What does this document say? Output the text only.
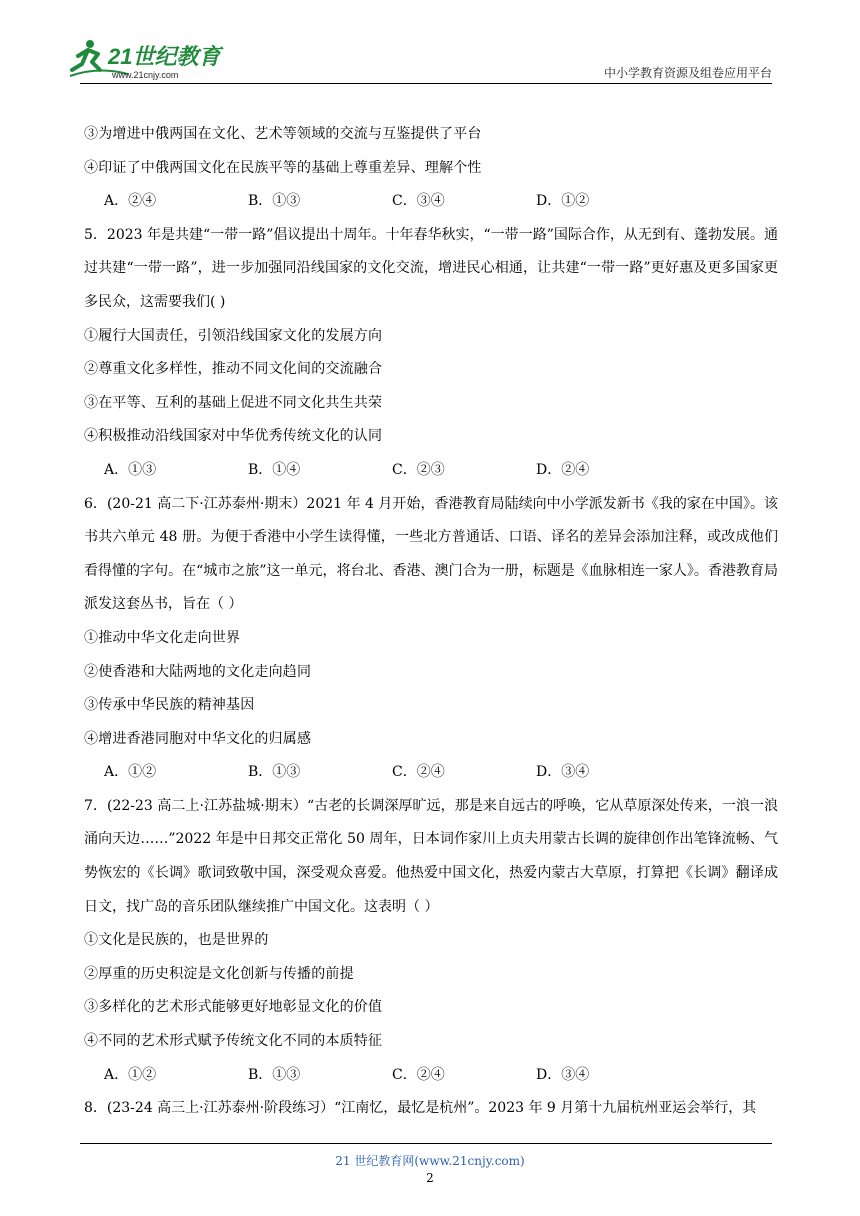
21世纪教育
www.21cnjy.com	中小学教育资源及组卷应用平台
③为增进中俄两国在文化、艺术等领域的交流与互鉴提供了平台
④印证了中俄两国文化在民族平等的基础上尊重差异、理解个性
A．②④	B．①③	C．③④	D．①②
5．2023 年是共建“一带一路”倡议提出十周年。十年春华秋实，“一带一路”国际合作，从无到有、蓬勃发展。通过共建“一带一路”，进一步加强同沿线国家的文化交流，增进民心相通，让共建“一带一路”更好惠及更多国家更多民众，这需要我们( )
①履行大国责任，引领沿线国家文化的发展方向
②尊重文化多样性，推动不同文化间的交流融合
③在平等、互利的基础上促进不同文化共生共荣
④积极推动沿线国家对中华优秀传统文化的认同
A．①③	B．①④	C．②③	D．②④
6．(20-21 高二下·江苏泰州·期末）2021 年 4 月开始，香港教育局陆续向中小学派发新书《我的家在中国》。该书共六单元 48 册。为便于香港中小学生读得懂，一些北方普通话、口语、译名的差异会添加注释，或改成他们看得懂的字句。在“城市之旅”这一单元，将台北、香港、澳门合为一册，标题是《血脉相连一家人》。香港教育局派发这套丛书，旨在（ ）
①推动中华文化走向世界
②使香港和大陆两地的文化走向趋同
③传承中华民族的精神基因
④增进香港同胞对中华文化的归属感
A．①②	B．①③	C．②④	D．③④
7．(22-23 高二上·江苏盐城·期末）“古老的长调深厚旷远，那是来自远古的呼唤，它从草原深处传来，一浪一浪涌向天边……”2022 年是中日邦交正常化 50 周年，日本词作家川上贞夫用蒙古长调的旋律创作出笔锋流畅、气势恢宏的《长调》歌词致敬中国，深受观众喜爱。他热爱中国文化，热爱内蒙古大草原，打算把《长调》翻译成日文，找广岛的音乐团队继续推广中国文化。这表明（ ）
①文化是民族的，也是世界的
②厚重的历史积淀是文化创新与传播的前提
③多样化的艺术形式能够更好地彰显文化的价值
④不同的艺术形式赋予传统文化不同的本质特征
A．①②	B．①③	C．②④	D．③④
8．(23-24 高三上·江苏泰州·阶段练习）“江南忆，最忆是杭州”。2023 年 9 月第十九届杭州亚运会举行，其
21 世纪教育网(www.21cnjy.com)
2
